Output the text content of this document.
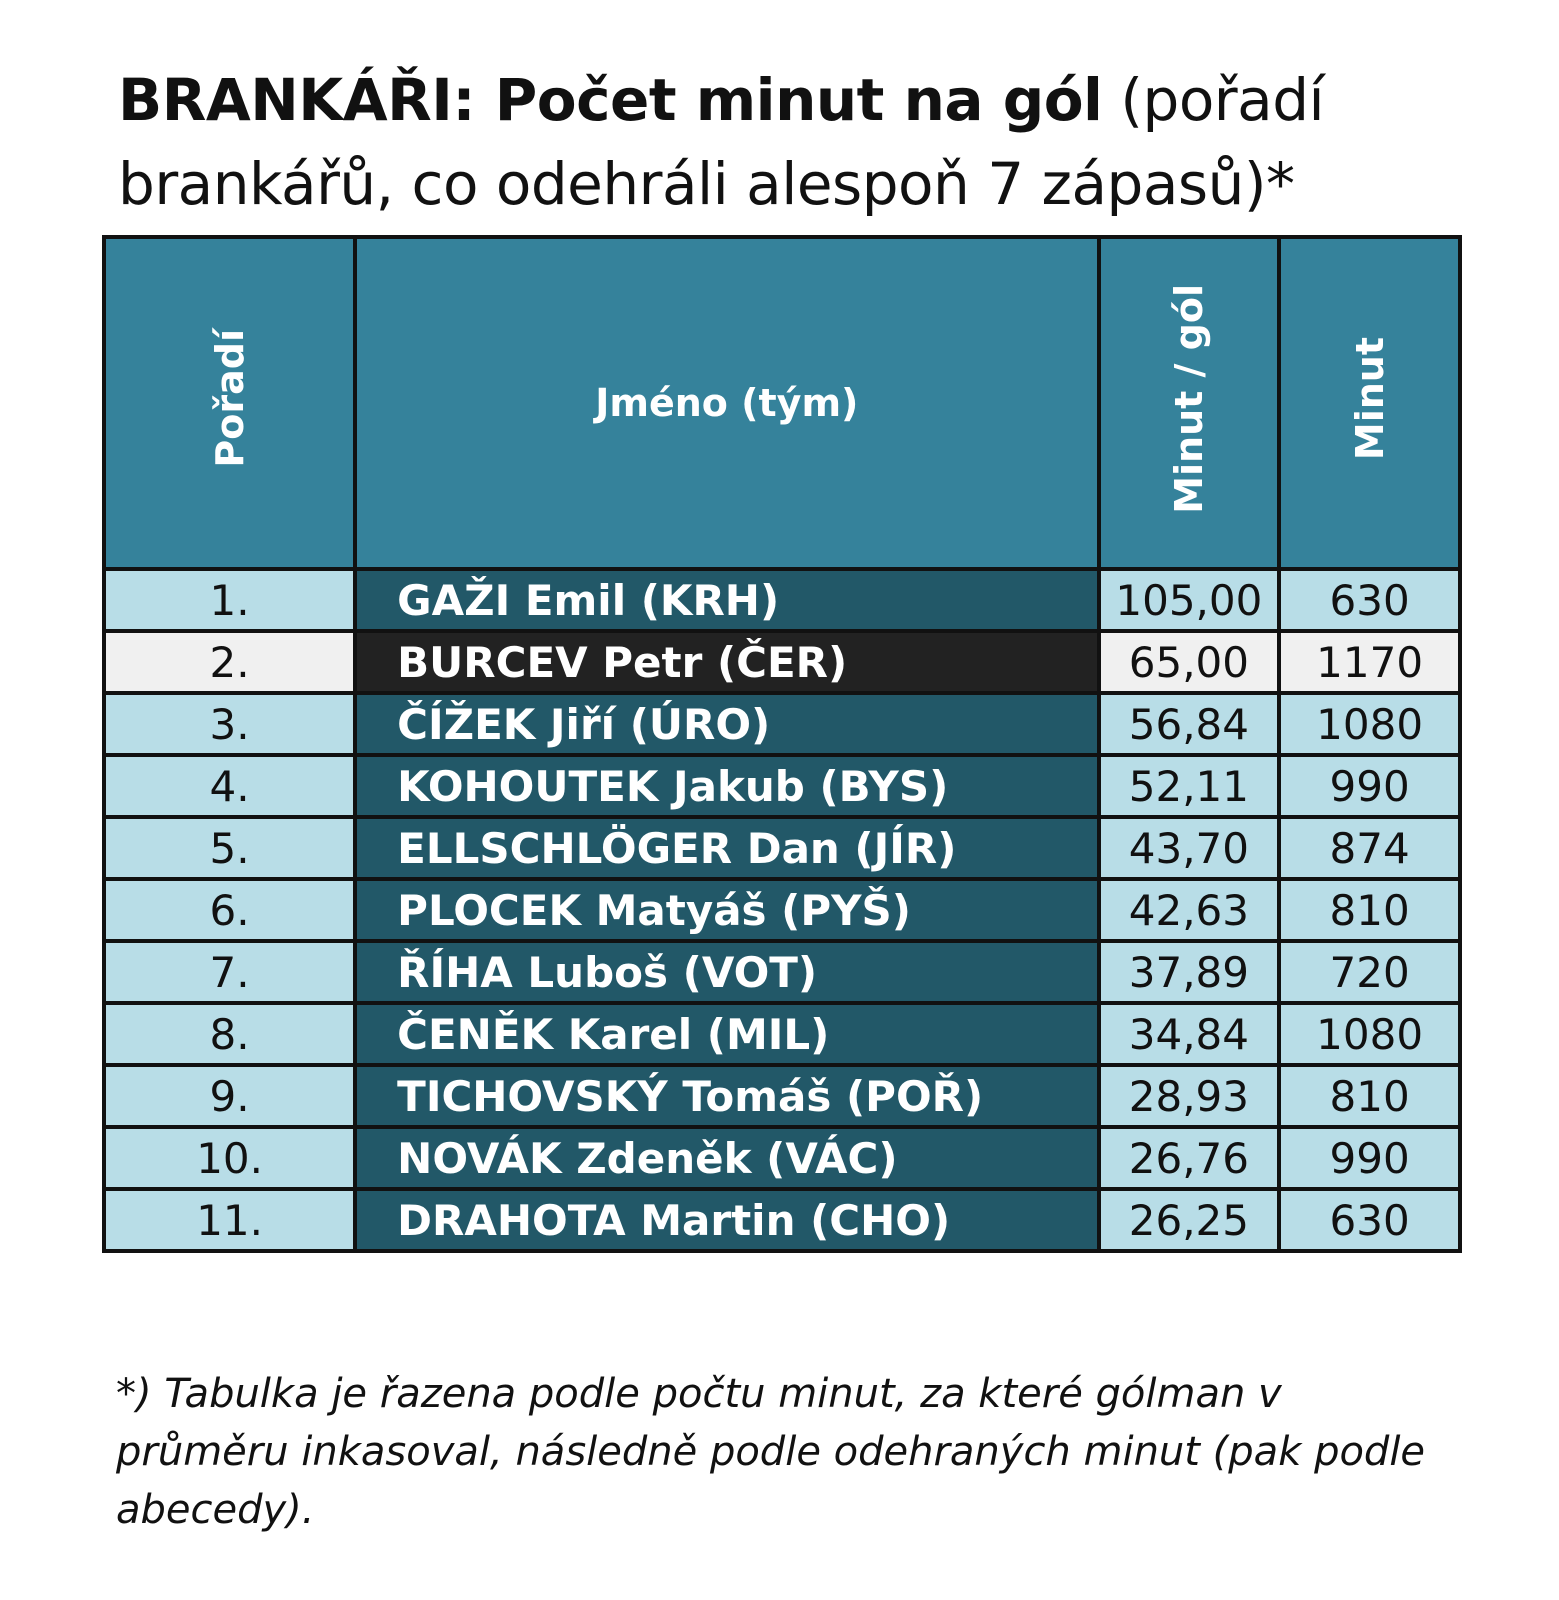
BRANKÁŘI: Počet minut na gól (pořadí brankářů, co odehráli alespoň 7 zápasů)*
Pořadí	Jméno (tým)	Minut / gól	Minut
1.	GAŽI Emil (KRH)	105,00	630
2.	BURCEV Petr (ČER)	65,00	1170
3.	ČÍŽEK Jiří (ÚRO)	56,84	1080
4.	KOHOUTEK Jakub (BYS)	52,11	990
5.	ELLSCHLÖGER Dan (JÍR)	43,70	874
6.	PLOCEK Matyáš (PYŠ)	42,63	810
7.	ŘÍHA Luboš (VOT)	37,89	720
8.	ČENĚK Karel (MIL)	34,84	1080
9.	TICHOVSKÝ Tomáš (POŘ)	28,93	810
10.	NOVÁK Zdeněk (VÁC)	26,76	990
11.	DRAHOTA Martin (CHO)	26,25	630
*) Tabulka je řazena podle počtu minut, za které gólman v průměru inkasoval, následně podle odehraných minut (pak podle abecedy).
